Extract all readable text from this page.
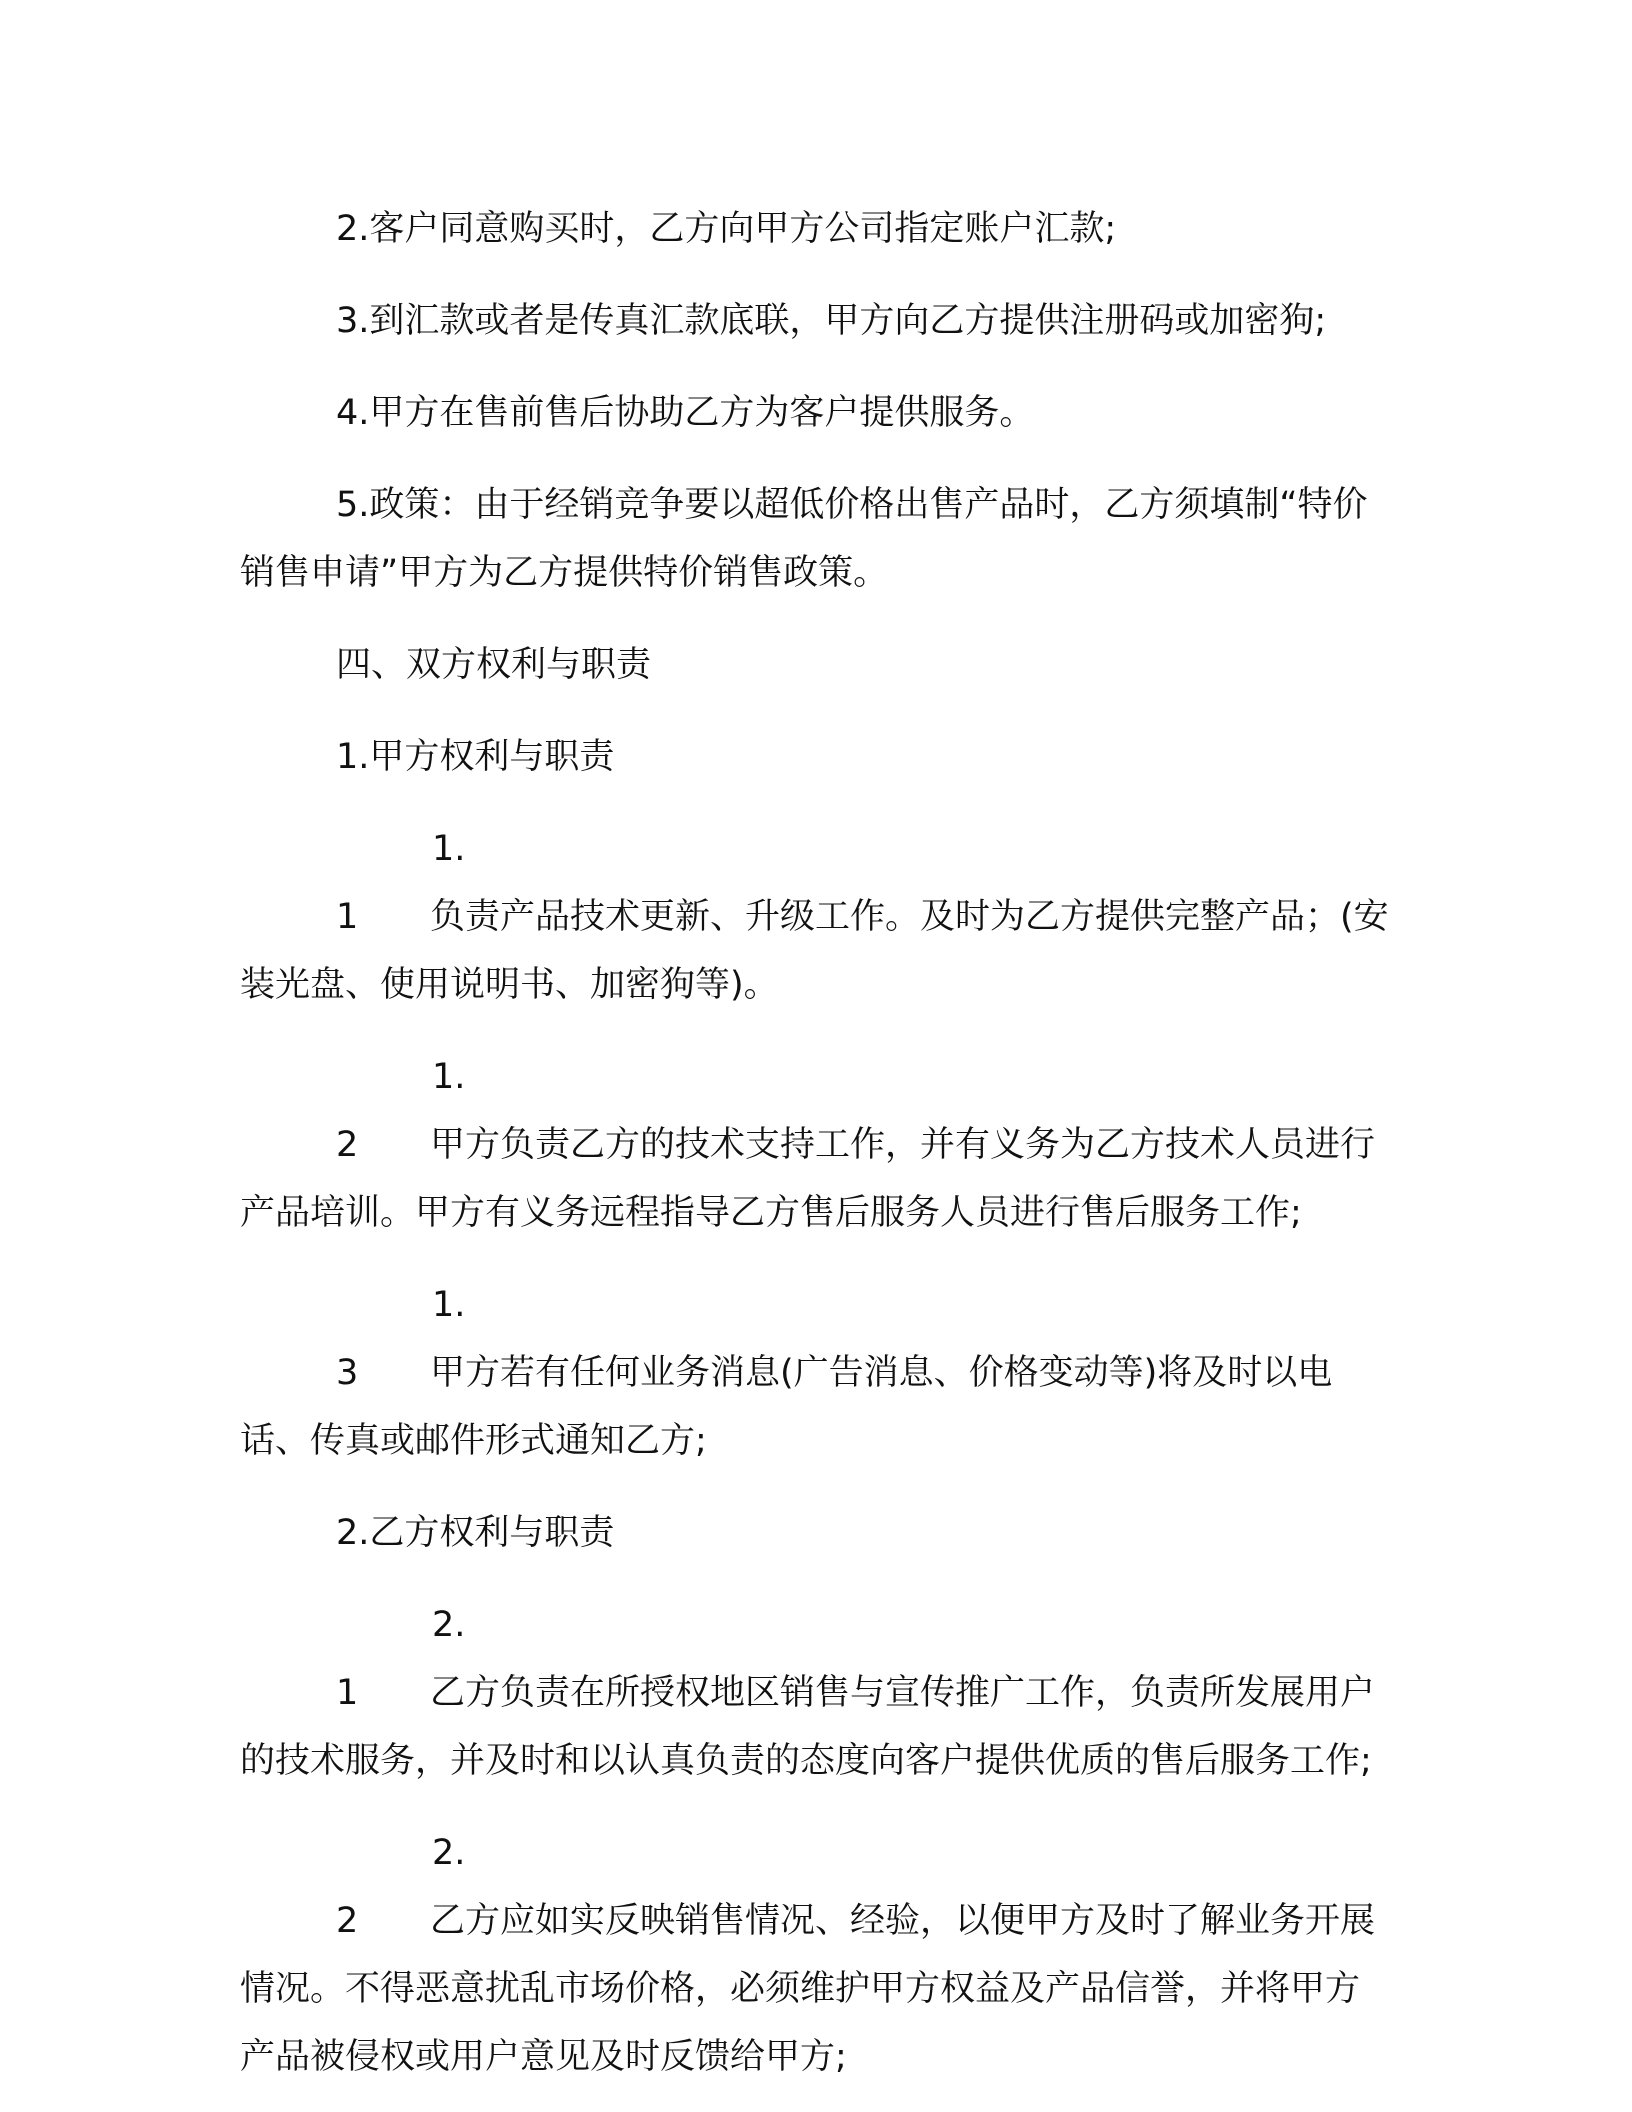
2.客户同意购买时，乙方向甲方公司指定账户汇款;

3.到汇款或者是传真汇款底联，甲方向乙方提供注册码或加密狗;

4.甲方在售前售后协助乙方为客户提供服务。

5.政策：由于经销竞争要以超低价格出售产品时，乙方须填制“特价销售申请”甲方为乙方提供特价销售政策。

四、双方权利与职责

1.甲方权利与职责

1.1 负责产品技术更新、升级工作。及时为乙方提供完整产品；(安装光盘、使用说明书、加密狗等)。

1.2 甲方负责乙方的技术支持工作，并有义务为乙方技术人员进行产品培训。甲方有义务远程指导乙方售后服务人员进行售后服务工作;

1.3 甲方若有任何业务消息(广告消息、价格变动等)将及时以电话、传真或邮件形式通知乙方;

2.乙方权利与职责

2.1 乙方负责在所授权地区销售与宣传推广工作，负责所发展用户的技术服务，并及时和以认真负责的态度向客户提供优质的售后服务工作;

2.2 乙方应如实反映销售情况、经验，以便甲方及时了解业务开展情况。不得恶意扰乱市场价格，必须维护甲方权益及产品信誉，并将甲方产品被侵权或用户意见及时反馈给甲方;
